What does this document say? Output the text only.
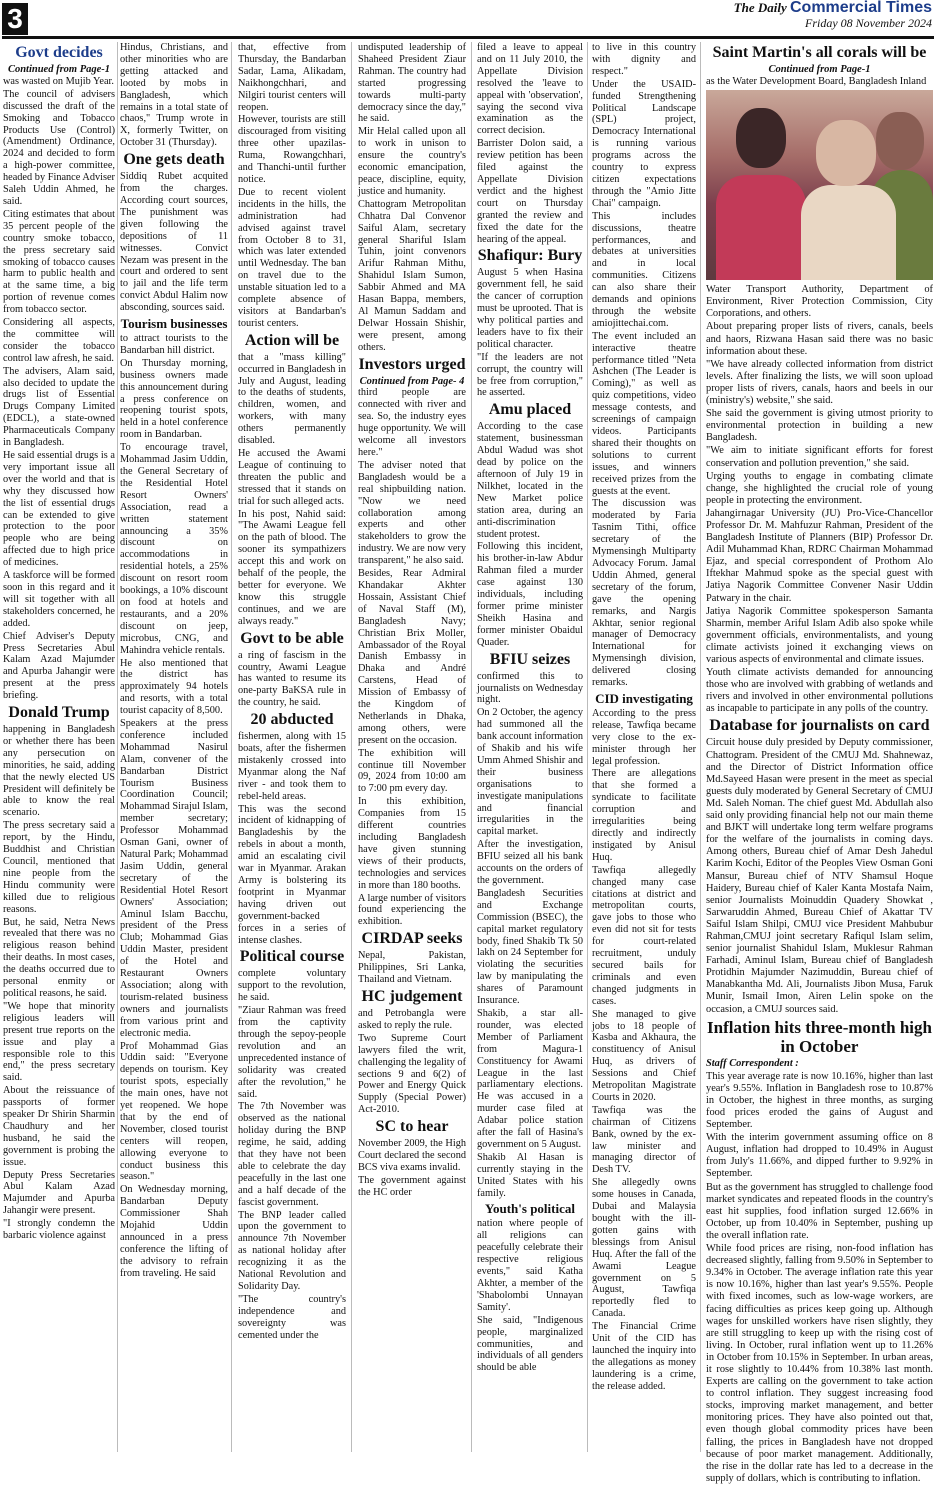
3	The Daily Commercial Times
Friday 08 November 2024
Govt decides
Continued from Page-1

was wasted on Mujib Year.

The council of advisers discussed the draft of the Smoking and Tobacco Products Use (Control) (Amendment) Ordinance, 2024 and decided to form a high-power committee, headed by Finance Adviser Saleh Uddin Ahmed, he said.

Citing estimates that about 35 percent people of the country smoke tobacco, the press secretary said smoking of tobacco causes harm to public health and at the same time, a big portion of revenue comes from tobacco sector.

Considering all aspects, the committee will consider the tobacco control law afresh, he said.

The advisers, Alam said, also decided to update the drugs list of Essential Drugs Company Limited (EDCL), a state-owned Pharmaceuticals Company in Bangladesh.

He said essential drugs is a very important issue all over the world and that is why they discussed how the list of essential drugs can be extended to give protection to the poor people who are being affected due to high price of medicines.

A taskforce will be formed soon in this regard and it will sit together with all stakeholders concerned, he added.

Chief Adviser's Deputy Press Secretaries Abul Kalam Azad Majumder and Apurba Jahangir were present at the press briefing.

Donald Trump

happening in Bangladesh or whether there has been any persecution on minorities, he said, adding that the newly elected US President will definitely be able to know the real scenario.

The press secretary said a report, by the Hindu, Buddhist and Christian Council, mentioned that nine people from the Hindu community were killed due to religious reasons.

But, he said, Netra News revealed that there was no religious reason behind their deaths. In most cases, the deaths occurred due to personal enmity or political reasons, he said.

"We hope that minority religious leaders will present true reports on the issue and play a responsible role to this end," the press secretary said.

About the reissuance of passports of former speaker Dr Shirin Sharmin Chaudhury and her husband, he said the government is probing the issue.

Deputy Press Secretaries Abul Kalam Azad Majumder and Apurba Jahangir were present.

"I strongly condemn the barbaric violence against

Hindus, Christians, and other minorities who are getting attacked and looted by mobs in Bangladesh, which remains in a total state of chaos," Trump wrote in X, formerly Twitter, on October 31 (Thursday).

One gets death

Siddiq Rubet acquited from the charges. According court sources, The punishment was given following the depositions of 11 witnesses. Convict Nezam was present in the court and ordered to sent to jail and the life term convict Abdul Halim now absconding, sources said.

Tourism businesses

to attract tourists to the Bandarban hill district.

On Thursday morning, business owners made this announcement during a press conference on reopening tourist spots, held in a hotel conference room in Bandarban.

To encourage travel, Mohammad Jasim Uddin, the General Secretary of the Residential Hotel Resort Owners' Association, read a written statement announcing a 35% discount on accommodations in residential hotels, a 25% discount on resort room bookings, a 10% discount on food at hotels and restaurants, and a 20% discount on jeep, microbus, CNG, and Mahindra vehicle rentals.

He also mentioned that the district has approximately 94 hotels and resorts, with a total tourist capacity of 8,500.

Speakers at the press conference included Mohammad Nasirul Alam, convener of the Bandarban District Tourism Business Coordination Council; Mohammad Sirajul Islam, member secretary; Professor Mohammad Osman Gani, owner of Natural Park; Mohammad Jasim Uddin, general secretary of the Residential Hotel Resort Owners' Association; Aminul Islam Bacchu, president of the Press Club; Mohammad Gias Uddin Master, president of the Hotel and Restaurant Owners Association; along with tourism-related business owners and journalists from various print and electronic media.

Prof Mohammad Gias Uddin said: "Everyone depends on tourism. Key tourist spots, especially the main ones, have not yet reopened. We hope that by the end of November, closed tourist centers will reopen, allowing everyone to conduct business this season."

On Wednesday morning, Bandarban Deputy Commissioner Shah Mojahid Uddin announced in a press conference the lifting of the advisory to refrain from traveling. He said

that, effective from Thursday, the Bandarban Sadar, Lama, Alikadam, Naikhongchhari, and Nilgiri tourist centers will reopen.

However, tourists are still discouraged from visiting three other upazilas-Ruma, Rowangchhari, and Thanchi-until further notice.

Due to recent violent incidents in the hills, the administration had advised against travel from October 8 to 31, which was later extended until Wednesday. The ban on travel due to the unstable situation led to a complete absence of visitors at Bandarban's tourist centers.

Action will be

that a "mass killing" occurred in Bangladesh in July and August, leading to the deaths of students, children, women, and workers, with many others permanently disabled.

He accused the Awami League of continuing to threaten the public and stressed that it stands on trial for such alleged acts.

In his post, Nahid said: "The Awami League fell on the path of blood. The sooner its sympathizers accept this and work on behalf of the people, the better for everyone. We know this struggle continues, and we are always ready."

Govt to be able

a ring of fascism in the country, Awami League has wanted to resume its one-party BaKSA rule in the country, he said.

20 abducted

fishermen, along with 15 boats, after the fishermen mistakenly crossed into Myanmar along the Naf river - and took them to rebel-held areas.

This was the second incident of kidnapping of Bangladeshis by the rebels in about a month, amid an escalating civil war in Myanmar. Arakan Army is bolstering its footprint in Myanmar having driven out government-backed forces in a series of intense clashes.

Political course

complete voluntary support to the revolution, he said.

"Ziaur Rahman was freed from the captivity through the sepoy-people revolution and an unprecedented instance of solidarity was created after the revolution," he said.

The 7th November was observed as the national holiday during the BNP regime, he said, adding that they have not been able to celebrate the day peacefully in the last one and a half decade of the fascist government.

The BNP leader called upon the government to announce 7th November as national holiday after recognizing it as the National Revolution and Solidarity Day.

"The country's independence and sovereignty was cemented under the

undisputed leadership of Shaheed President Ziaur Rahman. The country had started progressing towards multi-party democracy since the day," he said.

Mir Helal called upon all to work in unison to ensure the country's economic emancipation, peace, discipline, equity, justice and humanity.

Chattogram Metropolitan Chhatra Dal Convenor Saiful Alam, secretary general Shariful Islam Tuhin, joint convenors Arifur Rahman Mithu, Shahidul Islam Sumon, Sabbir Ahmed and MA Hasan Bappa, members, Al Mamun Saddam and Delwar Hossain Shishir, were present, among others.

Investors urged
Continued from Page- 4

third people are connected with river and sea. So, the industry eyes huge opportunity. We will welcome all investors here."

The adviser noted that Bangladesh would be a real shipbuilding nation. "Now we need collaboration among experts and other stakeholders to grow the industry. We are now very transparent," he also said.

Besides, Rear Admiral Khandakar Akhter Hossain, Assistant Chief of Naval Staff (M), Bangladesh Navy; Christian Brix Moller, Ambassador of the Royal Danish Embassy in Dhaka and André Carstens, Head of Mission of Embassy of the Kingdom of Netherlands in Dhaka, among others, were present on the occasion.

The exhibition will continue till November 09, 2024 from 10:00 am to 7:00 pm every day.

In this exhibition, Companies from 15 different countries including Bangladesh have given stunning views of their products, technologies and services in more than 180 booths.

A large number of visitors found experiencing the exhibition.

CIRDAP seeks

Nepal, Pakistan, Philippines, Sri Lanka, Thailand and Vietnam.

HC judgement

and Petrobangla were asked to reply the rule.

Two Supreme Court lawyers filed the writ, challenging the legality of sections 9 and 6(2) of Power and Energy Quick Supply (Special Power) Act-2010.

SC to hear

November 2009, the High Court declared the second BCS viva exams invalid.

The government against the HC order

filed a leave to appeal and on 11 July 2010, the Appellate Division resolved the 'leave to appeal with 'observation', saying the second viva examination as the correct decision.

Barrister Dolon said, a review petition has been filed against the Appellate Division verdict and the highest court on Thursday granted the review and fixed the date for the hearing of the appeal.

Shafiqur: Bury

August 5 when Hasina government fell, he said the cancer of corruption must be uprooted. That is why political parties and leaders have to fix their political character.

"If the leaders are not corrupt, the country will be free from corruption," he asserted.

Amu placed

According to the case statement, businessman Abdul Wadud was shot dead by police on the afternoon of July 19 in Nilkhet, located in the New Market police station area, during an anti-discrimination student protest.

Following this incident, his brother-in-law Abdur Rahman filed a murder case against 130 individuals, including former prime minister Sheikh Hasina and former minister Obaidul Quader.

BFIU seizes

confirmed this to journalists on Wednesday night.

On 2 October, the agency had summoned all the bank account information of Shakib and his wife Umm Ahmed Shishir and their business organisations to investigate manipulations and financial irregularities in the capital market.

After the investigation, BFIU seized all his bank accounts on the orders of the government.

Bangladesh Securities and Exchange Commission (BSEC), the capital market regulatory body, fined Shakib Tk 50 lakh on 24 September for violating the securities law by manipulating the shares of Paramount Insurance.

Shakib, a star all-rounder, was elected Member of Parliament from Magura-1 Constituency for Awami League in the last parliamentary elections. He was accused in a murder case filed at Adabar police station after the fall of Hasina's government on 5 August.

Shakib Al Hasan is currently staying in the United States with his family.

Youth's political

nation where people of all religions can peacefully celebrate their respective religious events," said Katha Akhter, a member of the 'Shabolombi Unnayan Samity'.

She said, "Indigenous people, marginalized communities, and individuals of all genders should be able

to live in this country with dignity and respect."

Under the USAID-funded Strengthening Political Landscape (SPL) project, Democracy International is running various programs across the country to express citizen expectations through the "Amio Jitte Chai" campaign.

This includes discussions, theatre performances, and debates at universities and in local communities. Citizens can also share their demands and opinions through the website amiojittechai.com.

The event included an interactive theatre performance titled "Neta Ashchen (The Leader is Coming)," as well as quiz competitions, video message contests, and screenings of campaign videos. Participants shared their thoughts on solutions to current issues, and winners received prizes from the guests at the event.

The discussion was moderated by Faria Tasnim Tithi, office secretary of the Mymensingh Multiparty Advocacy Forum. Jamal Uddin Ahmed, general secretary of the forum, gave the opening remarks, and Nargis Akhtar, senior regional manager of Democracy International for Mymensingh division, delivered closing remarks.

CID investigating

According to the press release, Tawfiqa became very close to the ex-minister through her legal profession.

There are allegations that she formed a syndicate to facilitate corruption and irregularities being directly and indirectly instigated by Anisul Huq.

Tawfiqa allegedly changed many case citations at district and metropolitan courts, gave jobs to those who even did not sit for tests for court-related recruitment, unduly secured bails for criminals and even changed judgments in cases.

She managed to give jobs to 18 people of Kasba and Akhaura, the constituency of Anisul Huq, as drivers of Sessions and Chief Metropolitan Magistrate Courts in 2020.

Tawfiqa was the chairman of Citizens Bank, owned by the ex-law minister and managing director of Desh TV.

She allegedly owns some houses in Canada, Dubai and Malaysia bought with the ill-gotten gains with blessings from Anisul Huq. After the fall of the Awami League government on 5 August, Tawfiqa reportedly fled to Canada.

The Financial Crime Unit of the CID has launched the inquiry into the allegations as money laundering is a crime, the release added.

Saint Martin's all corals will be
Continued from Page-1

as the Water Development Board, Bangladesh Inland

Water Transport Authority, Department of Environment, River Protection Commission, City Corporations, and others.

About preparing proper lists of rivers, canals, beels and haors, Rizwana Hasan said there was no basic information about these.

"We have already collected information from district levels. After finalizing the lists, we will soon upload proper lists of rivers, canals, haors and beels in our (ministry's) website," she said.

She said the government is giving utmost priority to environmental protection in building a new Bangladesh.

"We aim to initiate significant efforts for forest conservation and pollution prevention," she said.

Urging youths to engage in combating climate change, she highlighted the crucial role of young people in protecting the environment.

Jahangirnagar University (JU) Pro-Vice-Chancellor Professor Dr. M. Mahfuzur Rahman, President of the Bangladesh Institute of Planners (BIP) Professor Dr. Adil Muhammad Khan, RDRC Chairman Mohammad Ejaz, and special correspondent of Prothom Alo Iftekhar Mahmud spoke as the special guest with Jatiya Nagorik Committee Convener Nasir Uddin Patwary in the chair.

Jatiya Nagorik Committee spokesperson Samanta Sharmin, member Ariful Islam Adib also spoke while government officials, environmentalists, and young climate activists joined it exchanging views on various aspects of environmental and climate issues.

Youth climate activists demanded for announcing those who are involved with grabbing of wetlands and rivers and involved in other environmental pollutions as incapable to participate in any polls of the country.

Database for journalists on card

Circuit house duly presided by Deputy commissioner, Chattogram. President of the CMUJ Md. Shahnewaz, and the Director of District Information office Md.Sayeed Hasan were present in the meet as special guests duly moderated by General Secretary of CMUJ Md. Saleh Noman. The chief guest Md. Abdullah also said only providing financial help not our main theme and BJKT will undertake long term welfare programs for the welfare of the journalists in coming days. Among others, Bureau chief of Amar Desh Jahedul Karim Kochi, Editor of the Peoples View Osman Goni Mansur, Bureau chief of NTV Shamsul Hoque Haidery, Bureau chief of Kaler Kanta Mostafa Naim, senior Journalists Moinuddin Quadery Showkat , Sarwaruddin Ahmed, Bureau Chief of Akattar TV Saiful Islam Shilpi, CMUJ vice President Mahbubur Rahman,CMUJ joint secretary Rafiqul Islam selim, senior journalist Shahidul Islam, Muklesur Rahman Farhadi, Aminul Islam, Bureau chief of Bangladesh Protidhin Majumder Nazimuddin, Bureau chief of Manabkantha Md. Ali, Journalists Jibon Musa, Faruk Munir, Ismail Imon, Airen Lelin spoke on the occasion, a CMUJ sources said.

Inflation hits three-month high in October

Staff Correspondent :

This year average rate is now 10.16%, higher than last year's 9.55%. Inflation in Bangladesh rose to 10.87% in October, the highest in three months, as surging food prices eroded the gains of August and September.

With the interim government assuming office on 8 August, inflation had dropped to 10.49% in August from July's 11.66%, and dipped further to 9.92% in September.

But as the government has struggled to challenge food market syndicates and repeated floods in the country's east hit supplies, food inflation surged 12.66% in October, up from 10.40% in September, pushing up the overall inflation rate.

While food prices are rising, non-food inflation has decreased slightly, falling from 9.50% in September to 9.34% in October. The average inflation rate this year is now 10.16%, higher than last year's 9.55%. People with fixed incomes, such as low-wage workers, are facing difficulties as prices keep going up. Although wages for unskilled workers have risen slightly, they are still struggling to keep up with the rising cost of living. In October, rural inflation went up to 11.26% in October from 10.15% in September. In urban areas, it rose slightly to 10.44% from 10.38% last month. Experts are calling on the government to take action to control inflation. They suggest increasing food stocks, improving market management, and better monitoring prices. They have also pointed out that, even though global commodity prices have been falling, the prices in Bangladesh have not dropped because of poor market management. Additionally, the rise in the dollar rate has led to a decrease in the supply of dollars, which is contributing to inflation.
